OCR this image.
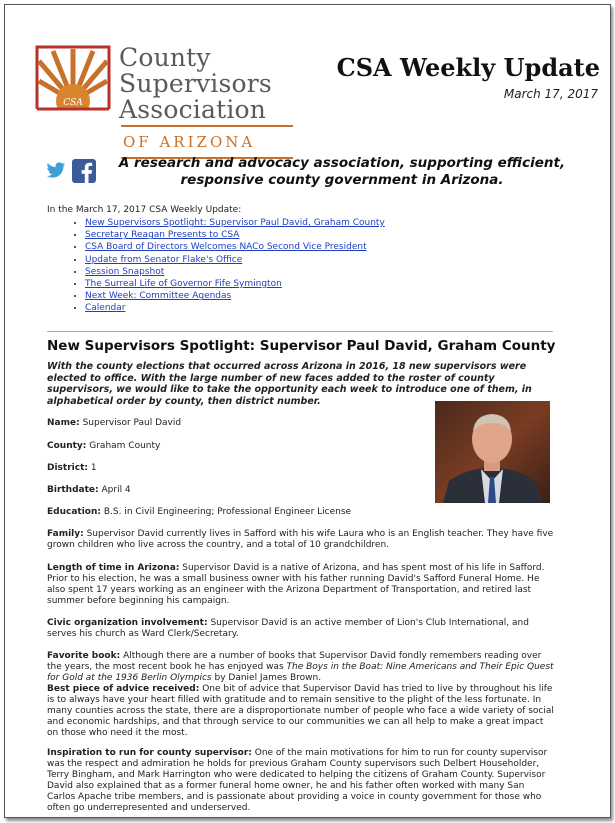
CSA
County
Supervisors
Association
OF ARIZONA
CSA Weekly Update
March 17, 2017

A research and advocacy association, supporting efficient, responsive county government in Arizona.
In the March 17, 2017 CSA Weekly Update:
• New Supervisors Spotlight: Supervisor Paul David, Graham County
• Secretary Reagan Presents to CSA
• CSA Board of Directors Welcomes NACo Second Vice President
• Update from Senator Flake's Office
• Session Snapshot
• The Surreal Life of Governor Fife Symington
• Next Week: Committee Agendas
• Calendar
New Supervisors Spotlight: Supervisor Paul David, Graham County
With the county elections that occurred across Arizona in 2016, 18 new supervisors were elected to office. With the large number of new faces added to the roster of county supervisors, we would like to take the opportunity each week to introduce one of them, in alphabetical order by county, then district number.
Name: Supervisor Paul David
County: Graham County
District: 1
Birthdate: April 4
Education: B.S. in Civil Engineering; Professional Engineer License
Family: Supervisor David currently lives in Safford with his wife Laura who is an English teacher. They have five grown children who live across the country, and a total of 10 grandchildren.
Length of time in Arizona: Supervisor David is a native of Arizona, and has spent most of his life in Safford. Prior to his election, he was a small business owner with his father running David's Safford Funeral Home. He also spent 17 years working as an engineer with the Arizona Department of Transportation, and retired last summer before beginning his campaign.
Civic organization involvement: Supervisor David is an active member of Lion's Club International, and serves his church as Ward Clerk/Secretary.
Favorite book: Although there are a number of books that Supervisor David fondly remembers reading over the years, the most recent book he has enjoyed was The Boys in the Boat: Nine Americans and Their Epic Quest for Gold at the 1936 Berlin Olympics by Daniel James Brown.
Best piece of advice received: One bit of advice that Supervisor David has tried to live by throughout his life is to always have your heart filled with gratitude and to remain sensitive to the plight of the less fortunate. In many counties across the state, there are a disproportionate number of people who face a wide variety of social and economic hardships, and that through service to our communities we can all help to make a great impact on those who need it the most.
Inspiration to run for county supervisor: One of the main motivations for him to run for county supervisor was the respect and admiration he holds for previous Graham County supervisors such Delbert Householder, Terry Bingham, and Mark Harrington who were dedicated to helping the citizens of Graham County. Supervisor David also explained that as a former funeral home owner, he and his father often worked with many San Carlos Apache tribe members, and is passionate about providing a voice in county government for those who often go underrepresented and underserved.
